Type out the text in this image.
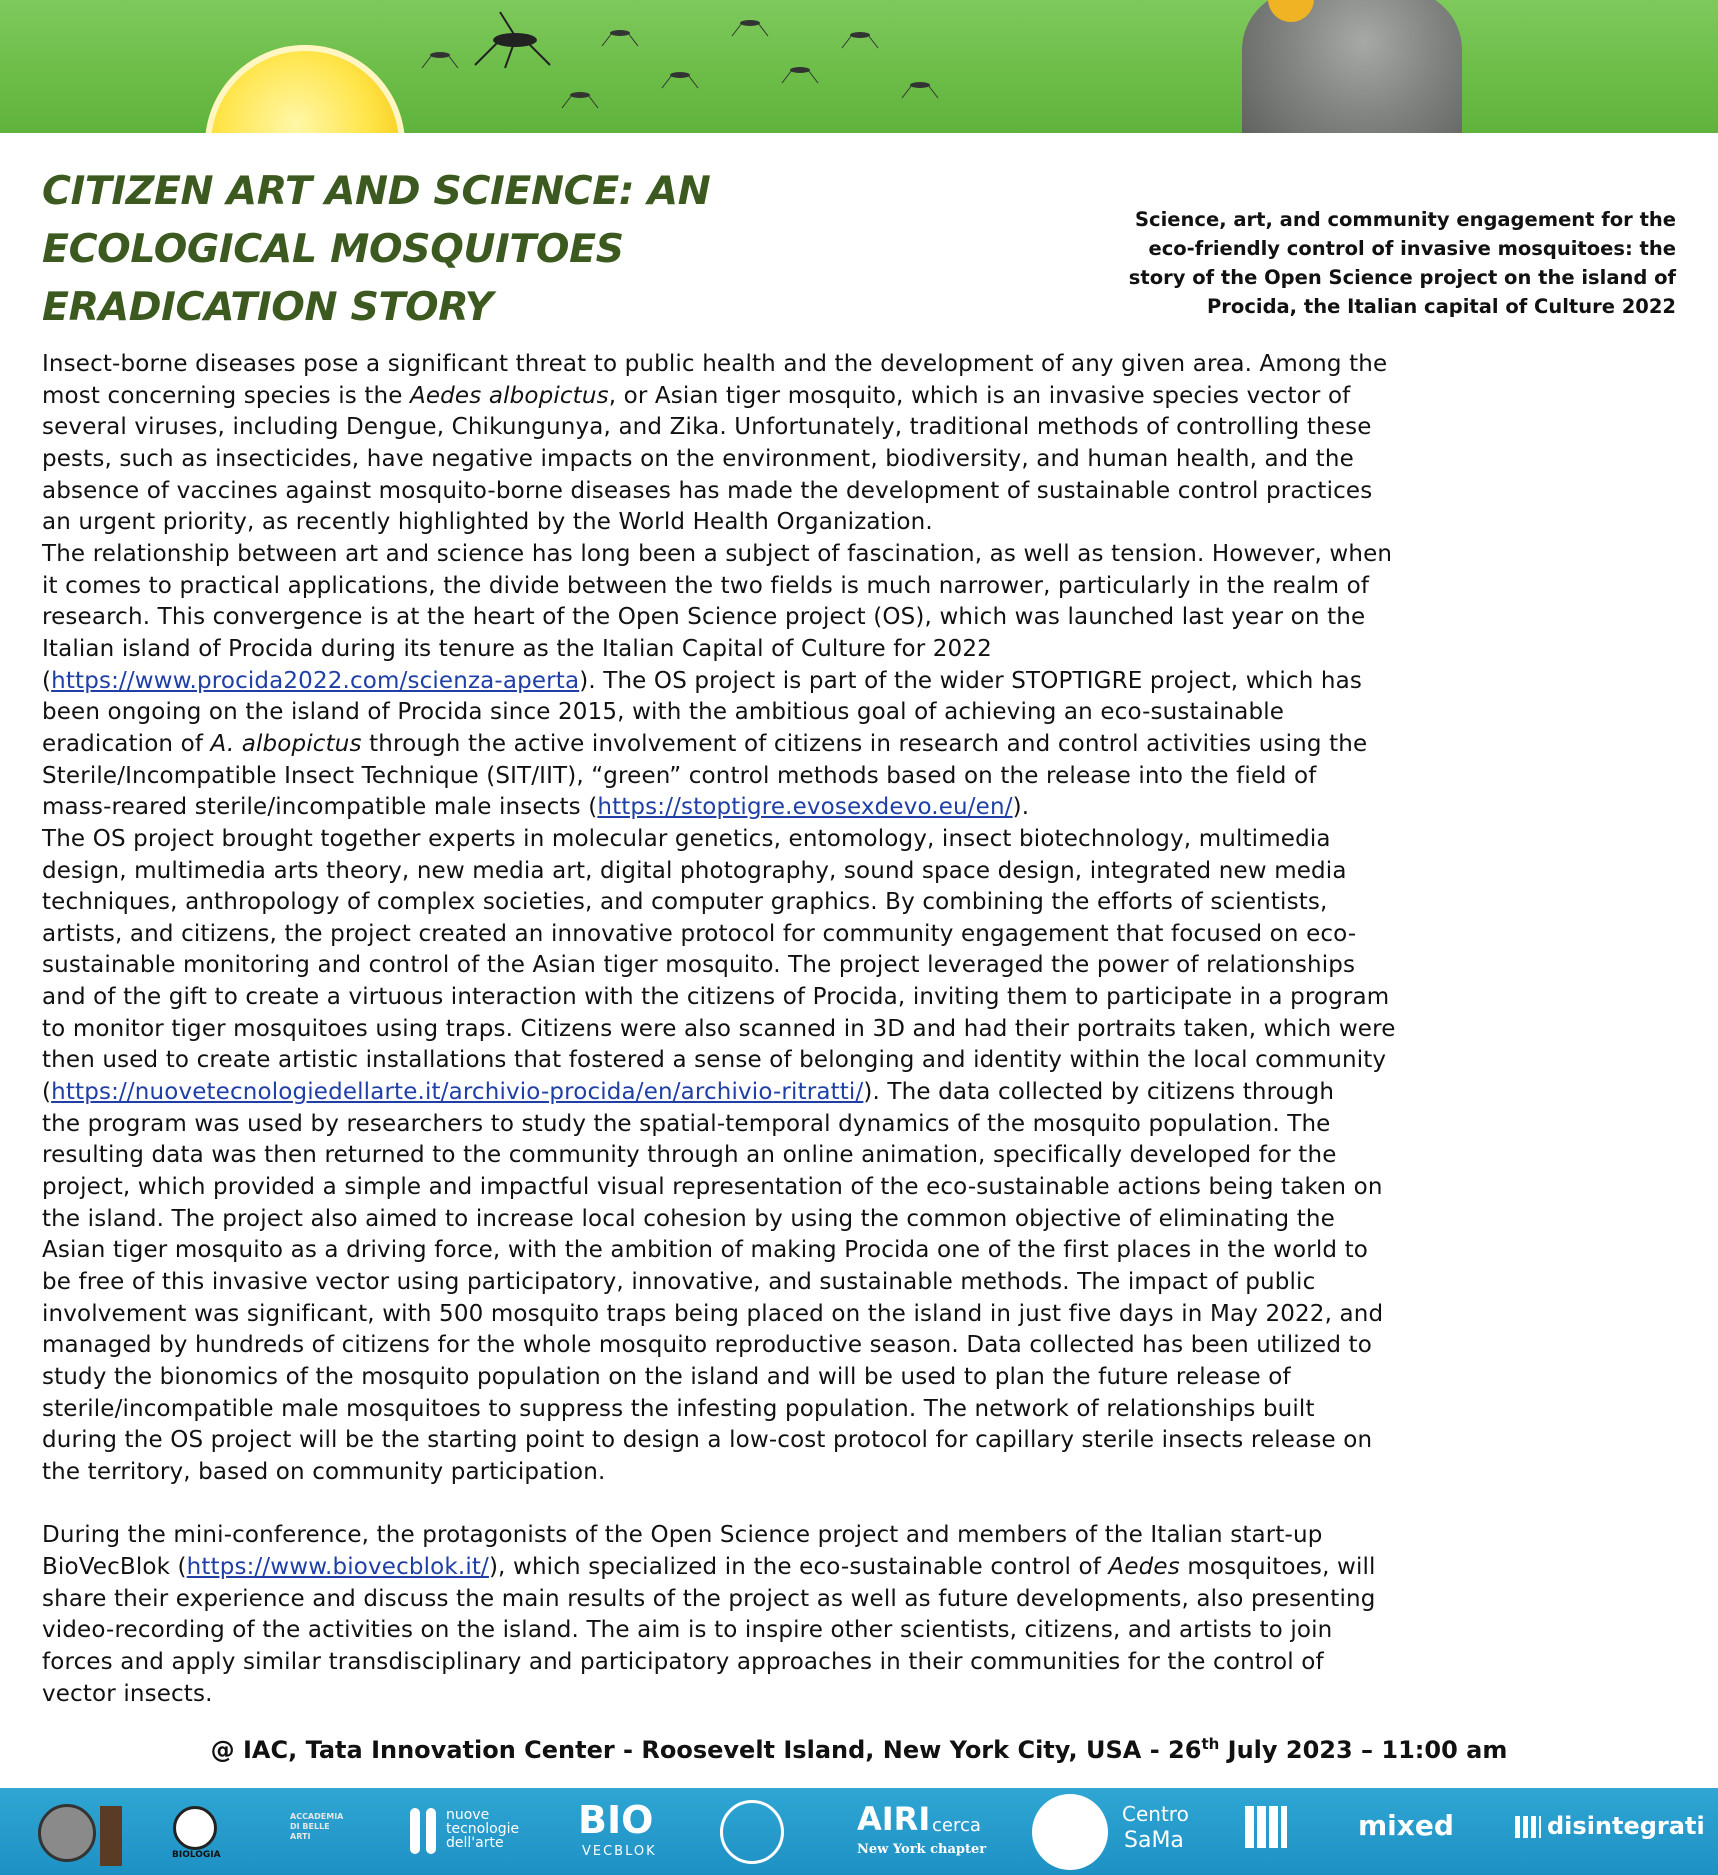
CITIZEN ART AND SCIENCE: AN
ECOLOGICAL MOSQUITOES
ERADICATION STORY
Science, art, and community engagement for the
eco-friendly control of invasive mosquitoes: the
story of the Open Science project on the island of
Procida, the Italian capital of Culture 2022
Insect-borne diseases pose a significant threat to public health and the development of any given area. Among the
most concerning species is the Aedes albopictus, or Asian tiger mosquito, which is an invasive species vector of
several viruses, including Dengue, Chikungunya, and Zika. Unfortunately, traditional methods of controlling these
pests, such as insecticides, have negative impacts on the environment, biodiversity, and human health, and the
absence of vaccines against mosquito-borne diseases has made the development of sustainable control practices
an urgent priority, as recently highlighted by the World Health Organization.
The relationship between art and science has long been a subject of fascination, as well as tension. However, when
it comes to practical applications, the divide between the two fields is much narrower, particularly in the realm of
research. This convergence is at the heart of the Open Science project (OS), which was launched last year on the
Italian island of Procida during its tenure as the Italian Capital of Culture for 2022
(https://www.procida2022.com/scienza-aperta). The OS project is part of the wider STOPTIGRE project, which has
been ongoing on the island of Procida since 2015, with the ambitious goal of achieving an eco-sustainable
eradication of A. albopictus through the active involvement of citizens in research and control activities using the
Sterile/Incompatible Insect Technique (SIT/IIT), “green” control methods based on the release into the field of
mass-reared sterile/incompatible male insects (https://stoptigre.evosexdevo.eu/en/).
The OS project brought together experts in molecular genetics, entomology, insect biotechnology, multimedia
design, multimedia arts theory, new media art, digital photography, sound space design, integrated new media
techniques, anthropology of complex societies, and computer graphics. By combining the efforts of scientists,
artists, and citizens, the project created an innovative protocol for community engagement that focused on eco-
sustainable monitoring and control of the Asian tiger mosquito. The project leveraged the power of relationships
and of the gift to create a virtuous interaction with the citizens of Procida, inviting them to participate in a program
to monitor tiger mosquitoes using traps. Citizens were also scanned in 3D and had their portraits taken, which were
then used to create artistic installations that fostered a sense of belonging and identity within the local community
(https://nuovetecnologiedellarte.it/archivio-procida/en/archivio-ritratti/). The data collected by citizens through
the program was used by researchers to study the spatial-temporal dynamics of the mosquito population. The
resulting data was then returned to the community through an online animation, specifically developed for the
project, which provided a simple and impactful visual representation of the eco-sustainable actions being taken on
the island. The project also aimed to increase local cohesion by using the common objective of eliminating the
Asian tiger mosquito as a driving force, with the ambition of making Procida one of the first places in the world to
be free of this invasive vector using participatory, innovative, and sustainable methods. The impact of public
involvement was significant, with 500 mosquito traps being placed on the island in just five days in May 2022, and
managed by hundreds of citizens for the whole mosquito reproductive season. Data collected has been utilized to
study the bionomics of the mosquito population on the island and will be used to plan the future release of
sterile/incompatible male mosquitoes to suppress the infesting population. The network of relationships built
during the OS project will be the starting point to design a low-cost protocol for capillary sterile insects release on
the territory, based on community participation.
During the mini-conference, the protagonists of the Open Science project and members of the Italian start-up
BioVecBlok (https://www.biovecblok.it/), which specialized in the eco-sustainable control of Aedes mosquitoes, will
share their experience and discuss the main results of the project as well as future developments, also presenting
video-recording of the activities on the island. The aim is to inspire other scientists, citizens, and artists to join
forces and apply similar transdisciplinary and participatory approaches in their communities for the control of
vector insects.
@ IAC, Tata Innovation Center - Roosevelt Island, New York City, USA - 26th July 2023 – 11:00 am
BIOLOGIA
ACCADEMIA DI BELLE ARTI
nuove
tecnologie
dell'arte
BIO
VECBLOK
AIRI cerca
New York chapter
Centro
SaMa	mixed	disintegrati
